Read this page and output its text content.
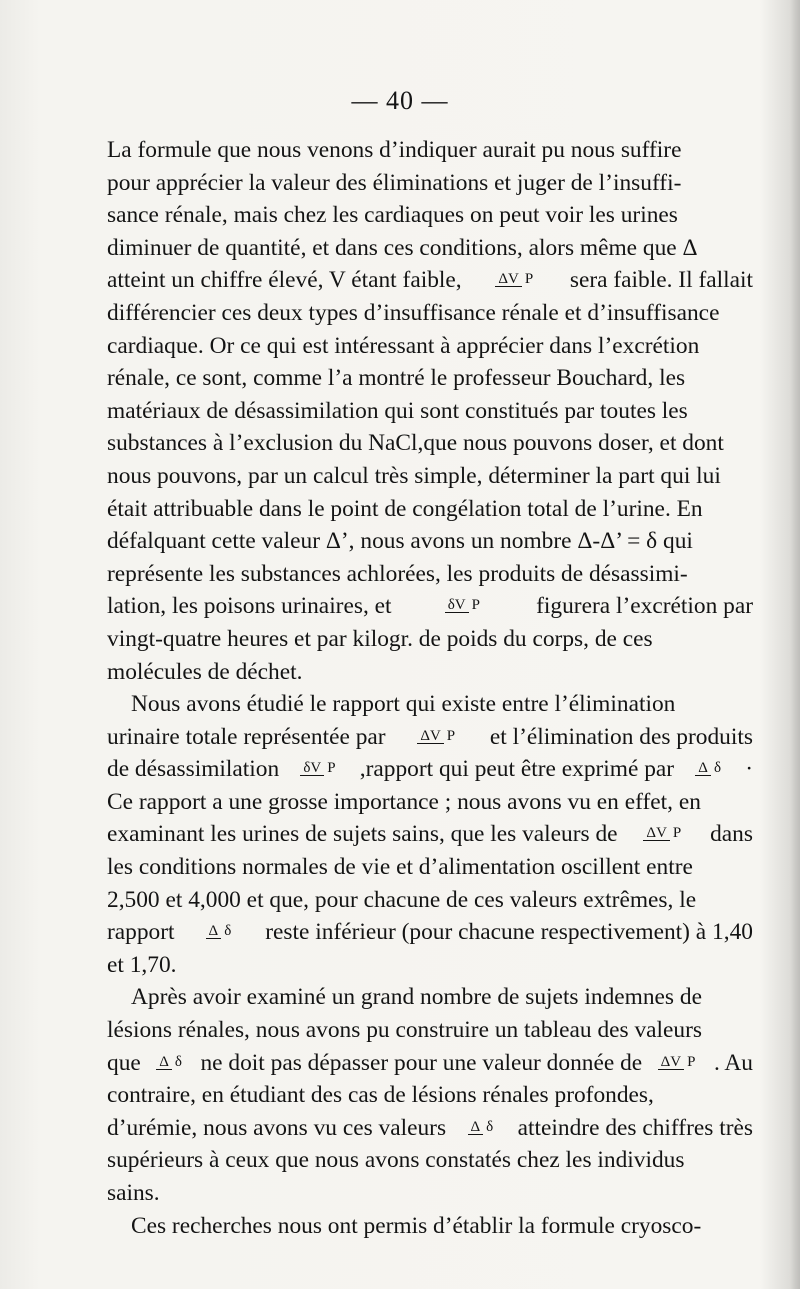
— 40 —
La formule que nous venons d’indiquer aurait pu nous suffire
pour apprécier la valeur des éliminations et juger de l’insuffi-
sance rénale, mais chez les cardiaques on peut voir les urines
diminuer de quantité, et dans ces conditions, alors même que Δ
atteint un chiffre élevé, V étant faible, ΔV P sera faible. Il fallait
différencier ces deux types d’insuffisance rénale et d’insuffisance
cardiaque. Or ce qui est intéressant à apprécier dans l’excrétion
rénale, ce sont, comme l’a montré le professeur Bouchard, les
matériaux de désassimilation qui sont constitués par toutes les
substances à l’exclusion du NaCl,que nous pouvons doser, et dont
nous pouvons, par un calcul très simple, déterminer la part qui lui
était attribuable dans le point de congélation total de l’urine. En
défalquant cette valeur Δ’, nous avons un nombre Δ-Δ’ = δ qui
représente les substances achlorées, les produits de désassimi-
lation, les poisons urinaires, et	δV P figurera l’excrétion par
vingt-quatre heures et par kilogr. de poids du corps, de ces
molécules de déchet.
Nous avons étudié le rapport qui existe entre l’élimination
urinaire totale représentée par ΔV P et l’élimination des produits
de désassimilation δV P ,rapport qui peut être exprimé par Δ δ ·
Ce rapport a une grosse importance ; nous avons vu en effet, en
examinant les urines de sujets sains, que les valeurs de ΔV P dans
les conditions normales de vie et d’alimentation oscillent entre
2,500 et 4,000 et que, pour chacune de ces valeurs extrêmes, le
rapport Δ δ reste inférieur (pour chacune respectivement) à 1,40
et 1,70.
Après avoir examiné un grand nombre de sujets indemnes de
lésions rénales, nous avons pu construire un tableau des valeurs
que Δ δ ne doit pas dépasser pour une valeur donnée de ΔV P . Au
contraire, en étudiant des cas de lésions rénales profondes,
d’urémie, nous avons vu ces valeurs Δ δ atteindre des chiffres très
supérieurs à ceux que nous avons constatés chez les individus
sains.
Ces recherches nous ont permis d’établir la formule cryosco-
